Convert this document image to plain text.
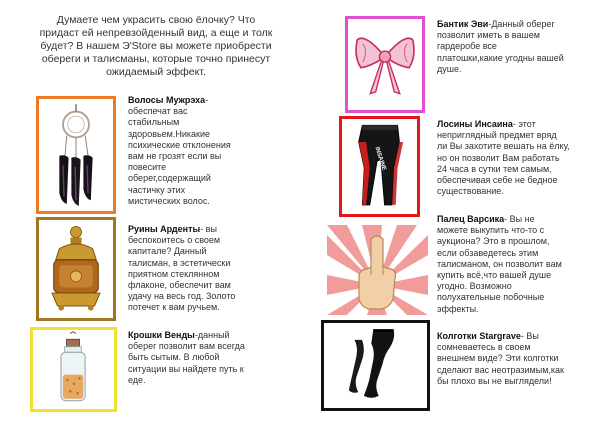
Думаете чем украсить свою ёлочку? Что
придаст ей непревзойденный вид, а еще и толк
будет? В нашем Э'Store вы можете приобрести
обереги и талисманы, которые точно принесут
ожидаемый эффект.
Волосы Мужрэха-
обеспечат вас
стабильным
здоровьем.Никакие
психические отклонения
вам не грозят если вы
повесите
оберег,содержащий
частичку этих
мистических волос.
Руины Арденты- вы
беспокоитесь о своем
капитале? Данный
талисман, в эстетически
приятном стеклянном
флаконе, обеспечит вам
удачу на весь год. Золото
потечет к вам ручьем.
Крошки Венды-данный
оберег позволит вам всегда
быть сытым. В любой
ситуации вы найдете путь к
еде.
Бантик Эви-Данный оберег
позволит иметь в вашем
гардеробе все
платошки,какие угодны вашей
душе.
INSAINE
Лосины Инсаина- этот
неприглядный предмет вряд
ли Вы захотите вешать на ёлку,
но он позволит Вам работать
24 часа в сутки тем самым,
обеспечивая себе не бедное
существование.
Палец Варсика- Вы не
можете выкупить что-то с
аукциона? Это в прошлом,
если обзаведетесь этим
талисманом, он позволит вам
купить всё,что вашей душе
угодно. Возможно
полухательные побочные
эффекты.
Колготки Stargrave- Вы
сомневаетесь в своем
внешнем виде? Эти колготки
сделают вас неотразимым,как
бы плохо вы не выглядели!
